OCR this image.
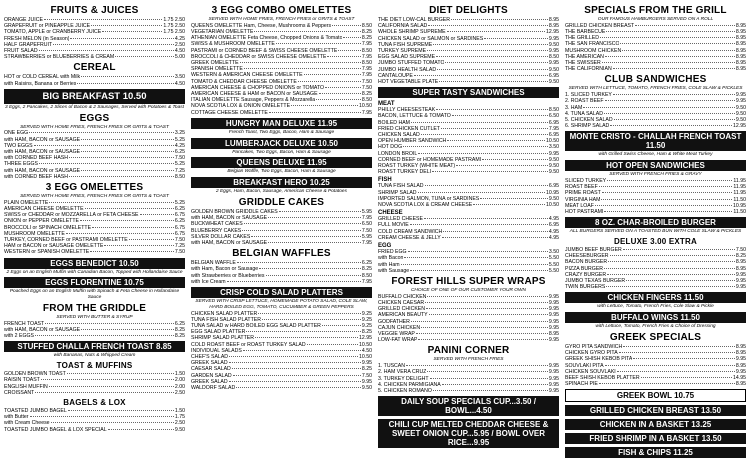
FRUITS & JUICES
ORANGE JUICE	1.75 2.50
GRAPEFRUIT or PINEAPPLE JUICE	1.75 2.50
TOMATO, APPLE or CRANBERRY JUICE	1.75 2.50
FRESH MELON (in Season)	4.25
HALF GRAPEFRUIT	2.50
FRUIT SALAD	4.50
STRAWBERRIES or BLUEBERRIES & CREAM	5.00
CEREAL
HOT or COLD CEREAL with Milk	3.50
with Raisins, Banana or Berries	4.50
BIG BREAKFAST 10.50
3 Eggs, 2 Pancakes, 2 Slices of Bacon & 2 Sausages, Served with Potatoes & Toast
EGGS
SERVED WITH HOME FRIES, FRENCH FRIES OR GRITS & TOAST
ONE EGG	3.25
with HAM, BACON or SAUSAGE	5.25
TWO EGGS	4.25
with HAM, BACON or SAUSAGE	6.25
with CORNED BEEF HASH	7.50
THREE EGGS	5.25
with HAM, BACON or SAUSAGE	7.25
with CORNED BEEF HASH	8.50
3 EGG OMELETTES
SERVED WITH HOME FRIES, FRENCH FRIES OR GRITS & TOAST
PLAIN OMELETTE	5.25
AMERICAN CHEESE OMELETTE	6.25
SWISS or CHEDDAR or MOZZARELLA or FETA CHEESE	6.75
ONION or PEPPER OMELETTE	6.25
BROCCOLI or SPINACH OMELETTE	6.75
MUSHROOM OMELETTE	6.75
TURKEY, CORNED BEEF or PASTRAMI OMELETTE	7.50
HAM or BACON or SAUSAGE OMELETTE	7.25
WESTERN or SPANISH OMELETTE	7.50
EGGS BENEDICT 10.50
2 Eggs on an English Muffin with Canadian Bacon, Topped with Hollandaise Sauce
EGGS FLORENTINE 10.75
Poached Eggs on an English Muffin with Spinach & Feta Cheese in Hollandaise Sauce
FROM THE GRIDDLE
SERVED WITH BUTTER & SYRUP
FRENCH TOAST	6.25
with HAM, BACON or SAUSAGE	8.25
with 2 EGGS	8.25
STUFFED CHALLA FRENCH TOAST 8.85
with Bananas, Nuts & Whipped Cream
TOAST & MUFFINS
GOLDEN BROWN TOAST	1.50
RAISIN TOAST	2.00
ENGLISH MUFFIN	2.00
CROISSANT	2.50
BAGELS & LOX
TOASTED JUMBO BAGEL	1.50
with Butter	1.75
with Cream Cheese	2.50
TOASTED JUMBO BAGEL & LOX SPECIAL	9.50
3 EGG COMBO OMELETTES
SERVED WITH HOME FRIES, FRENCH FRIES or GRITS & TOAST
QUEENS OMELETTE Ham, Cheese, Mushrooms & Peppers	8.50
VEGETARIAN OMELETTE	8.25
ATHENIAN OMELETTE Feta Cheese, Chopped Onions & Tomato	8.25
SWISS & MUSHROOM OMELETTE	7.95
PASTRAMI or CORNED BEEF & SWISS CHEESE OMELETTE	8.50
BROCCOLI & CHEDDAR or SWISS CHEESE OMELETTE	7.95
GREEK OMELETTE	8.50
SPANISH OMELETTE	7.95
WESTERN & AMERICAN CHEESE OMELETTE	7.95
TOMATO & CHEDDAR CHEESE OMELETTE	7.50
AMERICAN CHEESE & CHOPPED ONIONS or TOMATO	7.50
AMERICAN CHEESE & HAM or BACON or SAUSAGE	8.25
ITALIAN OMELETTE Sausage, Peppers & Mozzarella	8.50
NOVA SCOTIA LOX & ONION OMELETTE	10.50
COTTAGE CHEESE OMELETTE	7.95
HUNGRY MAN DELUXE 11.95
French Toast, Two Eggs, Bacon, Ham & Sausage
LUMBERJACK DELUXE 10.50
Pancakes, Two Eggs, Bacon, Ham & Sausage
QUEENS DELUXE 11.95
Belgian Waffle, Two Eggs, Bacon, Ham & Sausage
BREAKFAST HERO 10.25
2 Eggs, Ham, Bacon, Sausage, American Cheese & Potatoes
GRIDDLE CAKES
GOLDEN BROWN GRIDDLE CAKES	5.95
with HAM, BACON or SAUSAGE	7.95
BUCKWHEAT CAKES	6.50
BLUEBERRY CAKES	7.50
SILVER DOLLAR CAKES	5.95
with HAM, BACON or SAUSAGE	7.95
BELGIAN WAFFLES
BELGIAN WAFFLE	6.25
with Ham, Bacon or Sausage	8.25
with Strawberries or Blueberries	8.50
with Ice Cream	7.95
CRISP COLD SALAD PLATTERS
SERVED WITH CRISP LETTUCE, HOMEMADE POTATO SALAD, COLE SLAW, HARD BOILED EGG, TOMATO, CUCUMBER & GREEN PEPPERS
CHICKEN SALAD PLATTER	9.25
TUNA FISH SALAD PLATTER	9.25
TUNA SALAD w HARD BOILED EGG SALAD PLATTER	9.25
EGG SALAD PLATTER	8.25
SHRIMP SALAD PLATTER	12.95
COLD ROAST BEEF or ROAST TURKEY SALAD	10.50
INDIVIDUAL SALADS	4.50
CHEF'S SALAD	10.50
GREEK SALAD	9.95
CAESAR SALAD	8.25
GARDEN SALAD	7.50
GREEK SALAD	9.95
WALDORF SALAD	9.50
DIET DELIGHTS
THE DIET LOW-CAL BURGER	8.95
CALIFORNIA SALAD	8.95
WHOLE SHRIMP SUPREME	12.95
CHICKEN SALAD or SALMON or SARDINES	9.95
TUNA FISH SUPREME	9.50
TURKEY SUPREME	9.95
EGG SALAD SUPREME	8.50
JUMBO STUFFED TOMATO	9.95
JUMBO HEALTH SALAD	9.50
CANTALOUPE	6.95
HOT VEGETABLE PLATE	9.50
SUPER TASTY SANDWICHES
MEAT
PHILLY CHEESESTEAK	8.50
BACON, LETTUCE & TOMATO	6.50
BOILED HAM	6.95
FRIED CHICKEN CUTLET	7.95
CHICKEN SALAD	6.95
OPEN HUMBER SANDWICH	10.50
HOT DOG	3.50
LONDON BROIL	9.95
CORNED BEEF or HOMEMADE PASTRAMI	9.50
ROAST TURKEY (WHITE MEAT)	9.50
ROAST TURKEY DELI	9.50
FISH
TUNA FISH SALAD	6.95
SHRIMP SALAD	10.95
IMPORTED SALMON, TUNA or SARDINES	9.50
NOVA SCOTIA LOX & CREAM CHEESE	10.50
CHEESE
GRILLED CHEESE	4.95
FULL MOVIE	6.95
COLD CREAM SANDWICH	4.95
CREAM CHEESE & JELLY	4.95
EGG
FRIED EGG	3.50
with Bacon	5.50
with Ham	5.50
with Sausage	5.50
FOREST HILLS SUPER WRAPS
CHOICE OF ONE OF OUR CUSTOMER YOUR OWN
BUFFALO CHICKEN	9.95
CHICKEN CAESAR	9.95
GRILLED CHICKEN	9.95
AMERICAN BEAUTY	9.95
GODFATHER	9.95
CAJUN CHICKEN	9.95
VEGGIE WRAP	8.95
LOW-FAT WRAP	9.95
PANINI CORNER
SERVED WITH FRENCH FRIES
1. TUSCAN	9.95
2. HAM VERA CRUZ	9.95
3. TURKEY DELIGHT	9.95
4. CHICKEN PARMIGIANA	9.95
5. CHICKEN ROMANO	9.95
DAILY SOUP SPECIALS CUP...3.50 / BOWL...4.50
CHILI CUP MELTED CHEDDAR CHEESE & SWEET ONION CUP...5.95 / BOWL OVER RICE...9.95
SPECIALS FROM THE GRILL
OUR FAMOUS HAMBURGERS SERVED ON A ROLL
GRILLED CHICKEN BREAST	8.95
THE BARBECUE	8.95
THE GRILLED	8.95
THE SAN FRANCISCO	8.95
MUSHROOM CHICKEN	8.95
THE AMERICAN	8.95
THE SWISSER	8.95
THE CALIFORNIAN	8.95
CLUB SANDWICHES
SERVED WITH LETTUCE, TOMATO, FRENCH FRIES, COLE SLAW & PICKLES
1. SLICED TURKEY	9.95
2. ROAST BEEF	9.95
3. HAM	9.50
4. TUNA SALAD	9.50
5. CHICKEN SALAD	9.50
6. SHRIMP SALAD	12.95
MONTE CRISTO - CHALLAH FRENCH TOAST 11.50
with Grilled Swiss Cheese, Ham & White Meat Turkey
HOT OPEN SANDWICHES
SERVED WITH FRENCH FRIES & GRAVY
SLICED TURKEY	11.95
ROAST BEEF	11.95
PRIME ROAST	11.95
VIRGINIA HAM	11.50
MEAT LOAF	10.95
HOT PASTRAMI	11.50
8 OZ. CHAR-BROILED BURGER
ALL BURGERS SERVED ON A TOASTED BUN WITH COLE SLAW & PICKLES
DELUXE 3.00 EXTRA
JUMBO BEEF BURGER	7.50
CHEESEBURGER	8.25
BACON BURGER	8.95
PIZZA BURGER	8.95
CRAZY BURGER	9.95
JUMBO TEXAS BURGER	9.95
TWIN BURGERS	9.95
CHICKEN FINGERS 11.50
with Lettuce, Tomato, French Fries, Cole Slaw & Pickle
BUFFALO WINGS 11.50
with Lettuce, Tomato, French Fries & Choice of Dressing
GREEK SPECIALS
GYRO PITA SANDWICH	8.95
CHICKEN GYRO PITA	8.95
GREEK SHISH KEBOB PITA	9.95
SOUVLAKI PITA	8.95
CHICKEN SOUVLAKI	9.95
BEEF SHISH KEBOB PLATTER	14.95
SPINACH PIE	8.95
GREEK BOWL 10.75
GRILLED CHICKEN BREAST 13.50
CHICKEN IN A BASKET 13.25
FRIED SHRIMP IN A BASKET 13.50
FISH & CHIPS 11.25
